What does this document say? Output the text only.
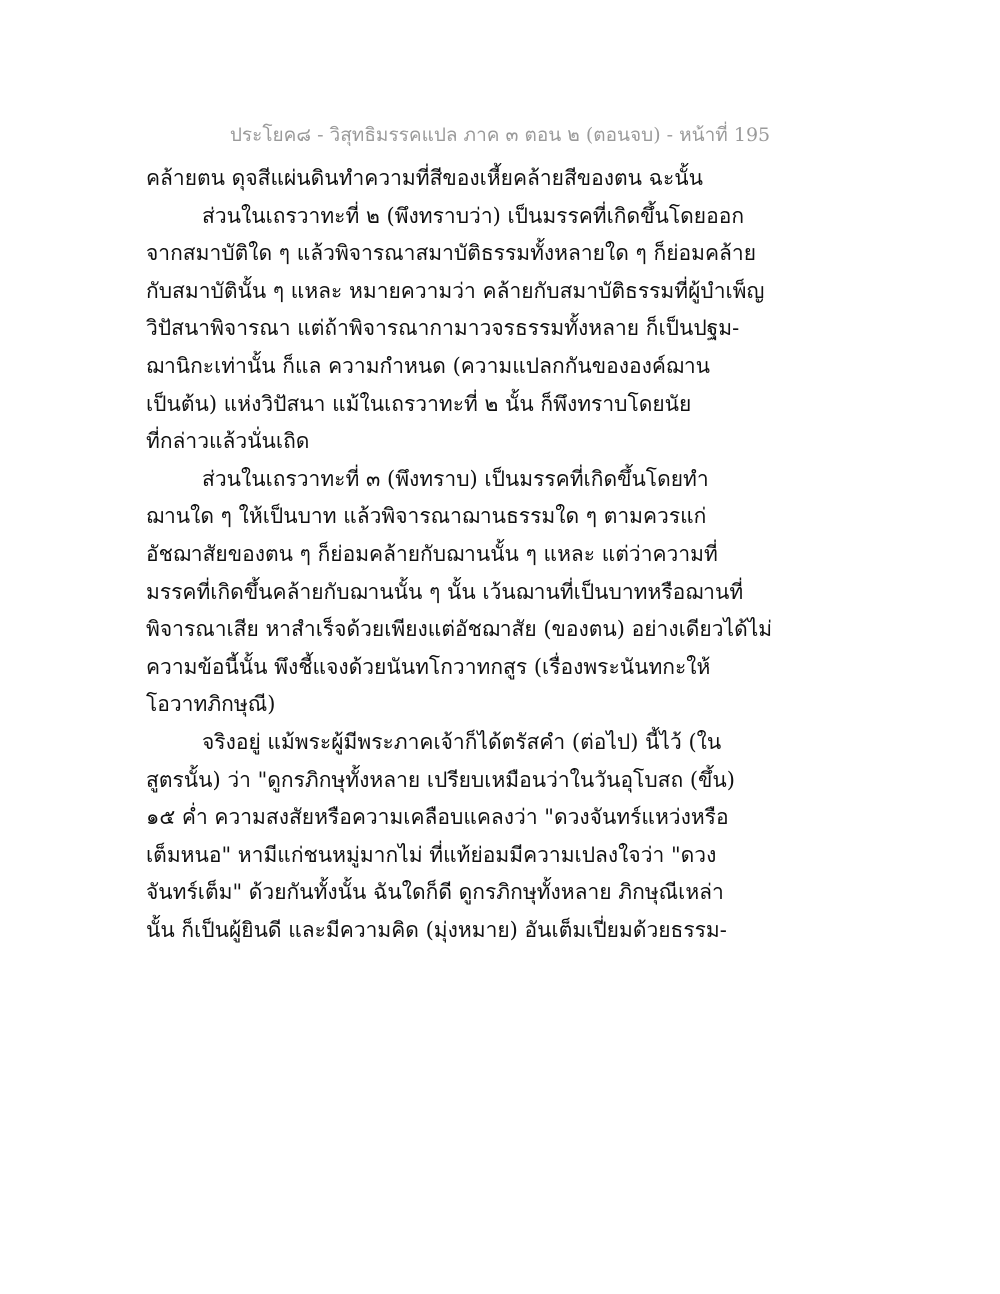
ประโยค๘ - วิสุทธิมรรคแปล ภาค ๓ ตอน ๒ (ตอนจบ) - หน้าที่ 195
คล้ายตน ดุจสีแผ่นดินทำความที่สีของเหี้ยคล้ายสีของตน ฉะนั้น
ส่วนในเถรวาทะที่ ๒ (พึงทราบว่า) เป็นมรรคที่เกิดขึ้นโดยออก
จากสมาบัติใด ๆ แล้วพิจารณาสมาบัติธรรมทั้งหลายใด ๆ ก็ย่อมคล้าย
กับสมาบัตินั้น ๆ แหละ หมายความว่า คล้ายกับสมาบัติธรรมที่ผู้บำเพ็ญ
วิปัสนาพิจารณา แต่ถ้าพิจารณากามาวจรธรรมทั้งหลาย ก็เป็นปฐม-
ฌานิกะเท่านั้น ก็แล ความกำหนด (ความแปลกกันขององค์ฌาน
เป็นต้น) แห่งวิปัสนา แม้ในเถรวาทะที่ ๒ นั้น ก็พึงทราบโดยนัย
ที่กล่าวแล้วนั่นเถิด
ส่วนในเถรวาทะที่ ๓ (พึงทราบ) เป็นมรรคที่เกิดขึ้นโดยทำ
ฌานใด ๆ ให้เป็นบาท แล้วพิจารณาฌานธรรมใด ๆ ตามควรแก่
อัชฌาสัยของตน ๆ ก็ย่อมคล้ายกับฌานนั้น ๆ แหละ แต่ว่าความที่
มรรคที่เกิดขึ้นคล้ายกับฌานนั้น ๆ นั้น เว้นฌานที่เป็นบาทหรือฌานที่
พิจารณาเสีย หาสำเร็จด้วยเพียงแต่อัชฌาสัย (ของตน) อย่างเดียวได้ไม่
ความข้อนี้นั้น พึงชี้แจงด้วยนันทโกวาทกสูร (เรื่องพระนันทกะให้
โอวาทภิกษุณี)
จริงอยู่ แม้พระผู้มีพระภาคเจ้าก็ได้ตรัสคำ (ต่อไป) นี้ไว้ (ใน
สูตรนั้น) ว่า "ดูกรภิกษุทั้งหลาย เปรียบเหมือนว่าในวันอุโบสถ (ขึ้น)
๑๕ ค่ำ ความสงสัยหรือความเคลือบแคลงว่า "ดวงจันทร์แหว่งหรือ
เต็มหนอ" หามีแก่ชนหมู่มากไม่ ที่แท้ย่อมมีความเปลงใจว่า "ดวง
จันทร์เต็ม" ด้วยกันทั้งนั้น ฉันใดก็ดี ดูกรภิกษุทั้งหลาย ภิกษุณีเหล่า
นั้น ก็เป็นผู้ยินดี และมีความคิด (มุ่งหมาย) อันเต็มเปี่ยมด้วยธรรม-
